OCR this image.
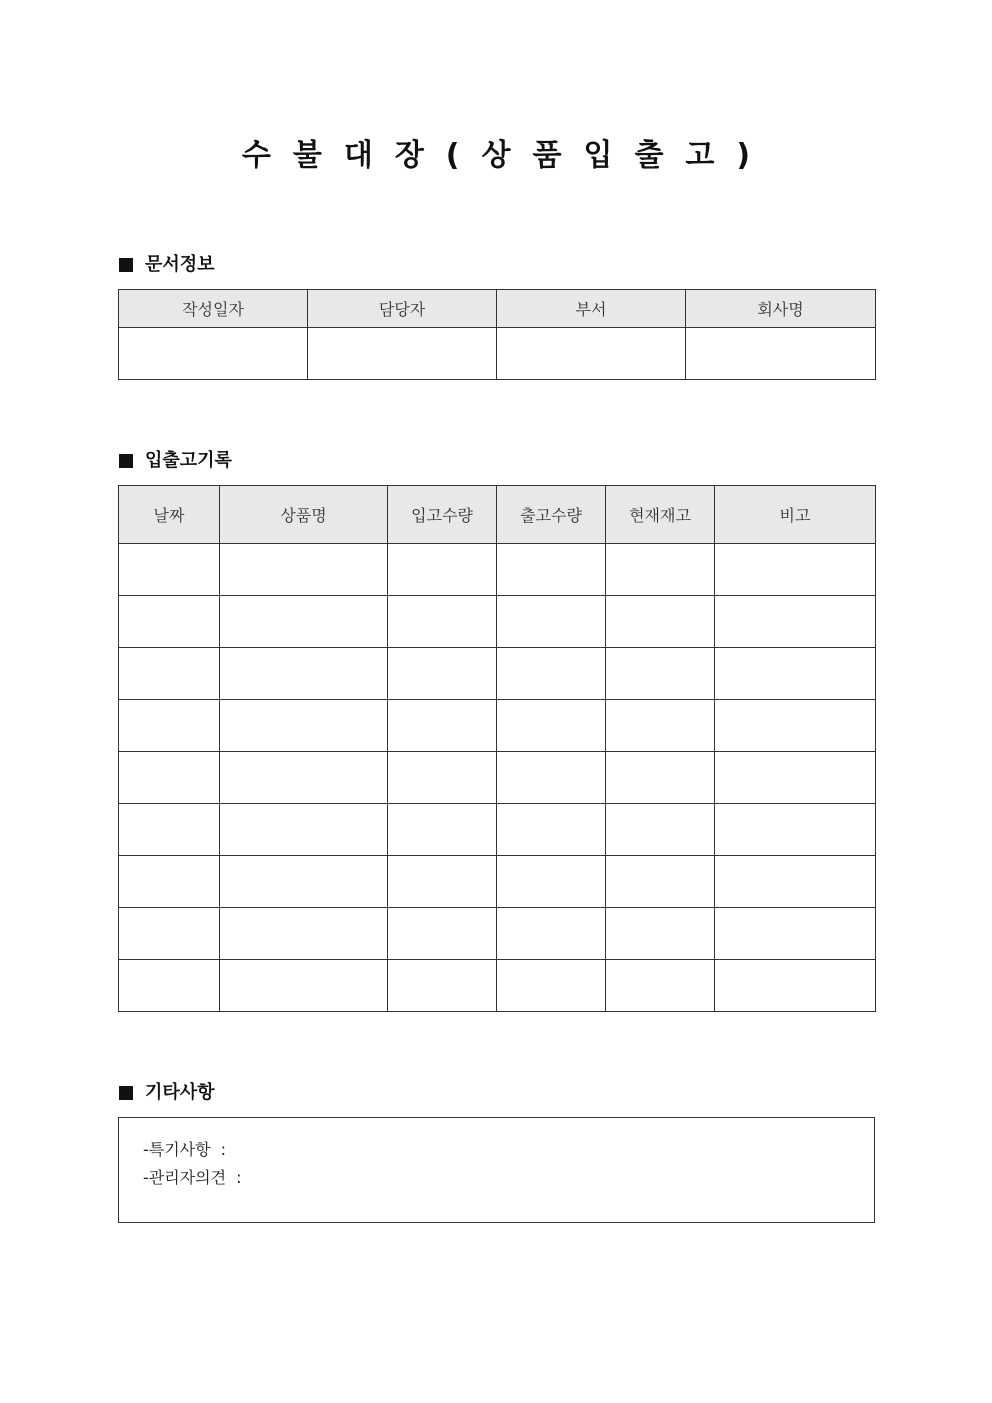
수불대장(상품입출고)
문서정보
작성일자	담당자	부서	회사명

입출고기록
날짜	상품명	입고수량	출고수량	현재재고	비고

기타사항
-특기사항 :
-관리자의견 :
